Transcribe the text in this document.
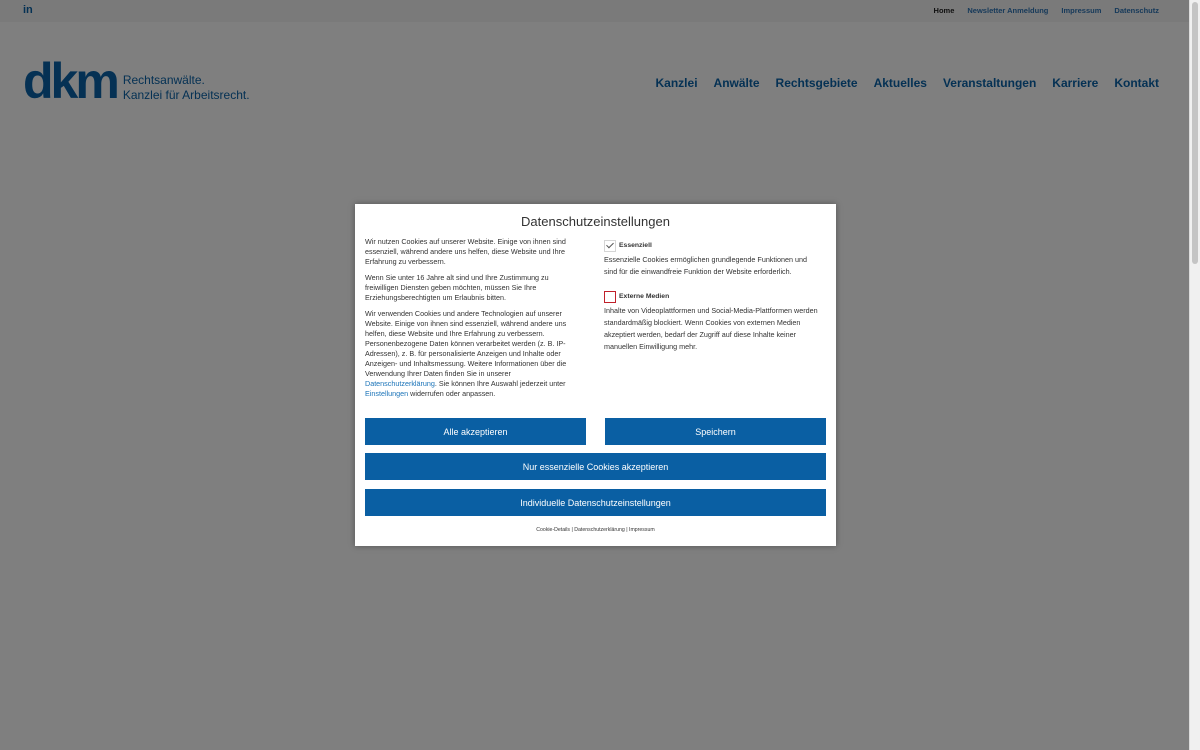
Datenschutzeinstellungen

Wir nutzen Cookies auf unserer Website. Einige von ihnen sind essenziell, während andere uns helfen, diese Website und Ihre Erfahrung zu verbessern.

Wenn Sie unter 16 Jahre alt sind und Ihre Zustimmung zu freiwilligen Diensten geben möchten, müssen Sie Ihre Erziehungsberechtigten um Erlaubnis bitten.

Wir verwenden Cookies und andere Technologien auf unserer Website. Einige von ihnen sind essenziell, während andere uns helfen, diese Website und Ihre Erfahrung zu verbessern. Personenbezogene Daten können verarbeitet werden (z. B. IP-Adressen), z. B. für personalisierte Anzeigen und Inhalte oder Anzeigen- und Inhaltsmessung. Weitere Informationen über die Verwendung Ihrer Daten finden Sie in unserer Datenschutzerklärung. Sie können Ihre Auswahl jederzeit unter Einstellungen widerrufen oder anpassen.

Essenziell

Essenzielle Cookies ermöglichen grundlegende Funktionen und sind für die einwandfreie Funktion der Website erforderlich.

Externe Medien

Inhalte von Videoplattformen und Social-Media-Plattformen werden standardmäßig blockiert. Wenn Cookies von externen Medien akzeptiert werden, bedarf der Zugriff auf diese Inhalte keiner manuellen Einwilligung mehr.

Alle akzeptieren	Speichern
Nur essenzielle Cookies akzeptieren
Individuelle Datenschutzeinstellungen
Cookie-Details | Datenschutzerklärung | Impressum
